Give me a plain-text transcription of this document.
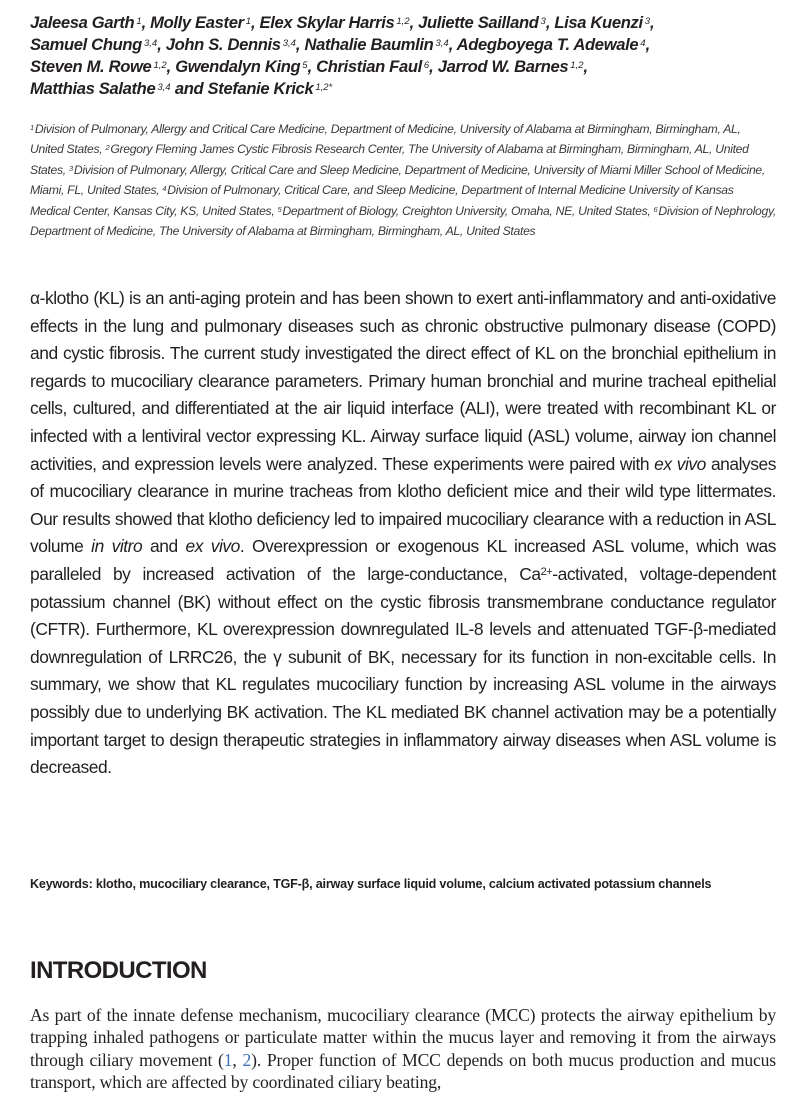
Jaleesa Garth $^1$, Molly Easter $^1$, Elex Skylar Harris $^{1,2}$, Juliette Sailland $^3$, Lisa Kuenzi $^3$,
Samuel Chung $^{3,4}$, John S. Dennis $^{3,4}$, Nathalie Baumlin $^{3,4}$, Adegboyega T. Adewale $^4$,
Steven M. Rowe $^{1,2}$, Gwendalyn King $^5$, Christian Faul $^6$, Jarrod W. Barnes $^{1,2}$,
Matthias Salathe $^{3,4}$ and Stefanie Krick $^{1,2*}$
$^1$Division of Pulmonary, Allergy and Critical Care Medicine, Department of Medicine, University of Alabama at Birmingham, Birmingham, AL, United States, $^2$Gregory Fleming James Cystic Fibrosis Research Center, The University of Alabama at Birmingham, Birmingham, AL, United States, $^3$Division of Pulmonary, Allergy, Critical Care and Sleep Medicine, Department of Medicine, University of Miami Miller School of Medicine, Miami, FL, United States, $^4$Division of Pulmonary, Critical Care, and Sleep Medicine, Department of Internal Medicine University of Kansas Medical Center, Kansas City, KS, United States, $^5$Department of Biology, Creighton University, Omaha, NE, United States, $^6$Division of Nephrology, Department of Medicine, The University of Alabama at Birmingham, Birmingham, AL, United States
α-klotho (KL) is an anti-aging protein and has been shown to exert anti-inflammatory and anti-oxidative effects in the lung and pulmonary diseases such as chronic obstructive pulmonary disease (COPD) and cystic fibrosis. The current study investigated the direct effect of KL on the bronchial epithelium in regards to mucociliary clearance parameters. Primary human bronchial and murine tracheal epithelial cells, cultured, and differentiated at the air liquid interface (ALI), were treated with recombinant KL or infected with a lentiviral vector expressing KL. Airway surface liquid (ASL) volume, airway ion channel activities, and expression levels were analyzed. These experiments were paired with ex vivo analyses of mucociliary clearance in murine tracheas from klotho deficient mice and their wild type littermates. Our results showed that klotho deficiency led to impaired mucociliary clearance with a reduction in ASL volume in vitro and ex vivo. Overexpression or exogenous KL increased ASL volume, which was paralleled by increased activation of the large-conductance, $Ca^{2+}$-activated, voltage-dependent potassium channel (BK) without effect on the cystic fibrosis transmembrane conductance regulator (CFTR). Furthermore, KL overexpression downregulated IL-8 levels and attenuated TGF-β-mediated downregulation of LRRC26, the γ subunit of BK, necessary for its function in non-excitable cells. In summary, we show that KL regulates mucociliary function by increasing ASL volume in the airways possibly due to underlying BK activation. The KL mediated BK channel activation may be a potentially important target to design therapeutic strategies in inflammatory airway diseases when ASL volume is decreased.
Keywords: klotho, mucociliary clearance, TGF-β, airway surface liquid volume, calcium activated potassium channels
INTRODUCTION
As part of the innate defense mechanism, mucociliary clearance (MCC) protects the airway epithelium by trapping inhaled pathogens or particulate matter within the mucus layer and removing it from the airways through ciliary movement (1, 2). Proper function of MCC depends on both mucus production and mucus transport, which are affected by coordinated ciliary beating,
